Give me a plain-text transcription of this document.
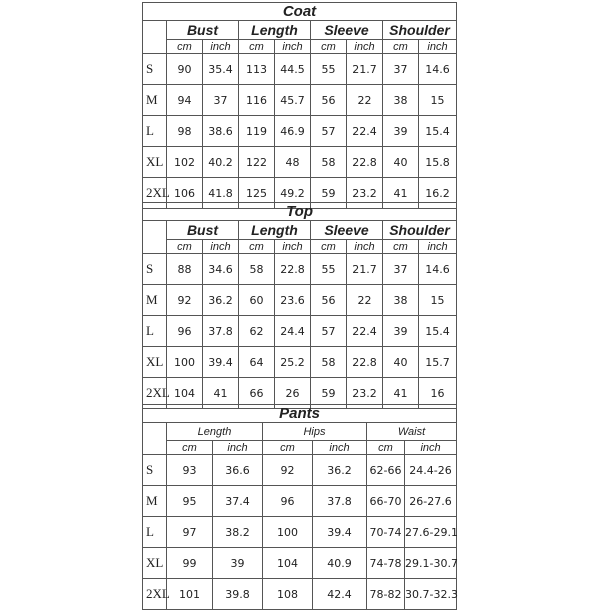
Coat								
	Bust		Length		Sleeve		Shoulder	
	cm	inch	cm	inch	cm	inch	cm	inch
S	90	35.4	113	44.5	55	21.7	37	14.6
M	94	37	116	45.7	56	22	38	15
L	98	38.6	119	46.9	57	22.4	39	15.4
XL	102	40.2	122	48	58	22.8	40	15.8
2XL	106	41.8	125	49.2	59	23.2	41	16.2
Top								
	Bust		Length		Sleeve		Shoulder	
	cm	inch	cm	inch	cm	inch	cm	inch
S	88	34.6	58	22.8	55	21.7	37	14.6
M	92	36.2	60	23.6	56	22	38	15
L	96	37.8	62	24.4	57	22.4	39	15.4
XL	100	39.4	64	25.2	58	22.8	40	15.7
2XL	104	41	66	26	59	23.2	41	16
Pants						
	Length		Hips		Waist	
	cm	inch	cm	inch	cm	inch
S	93	36.6	92	36.2	62-66	24.4-26
M	95	37.4	96	37.8	66-70	26-27.6
L	97	38.2	100	39.4	70-74	27.6-29.1
XL	99	39	104	40.9	74-78	29.1-30.7
2XL	101	39.8	108	42.4	78-82	30.7-32.3
